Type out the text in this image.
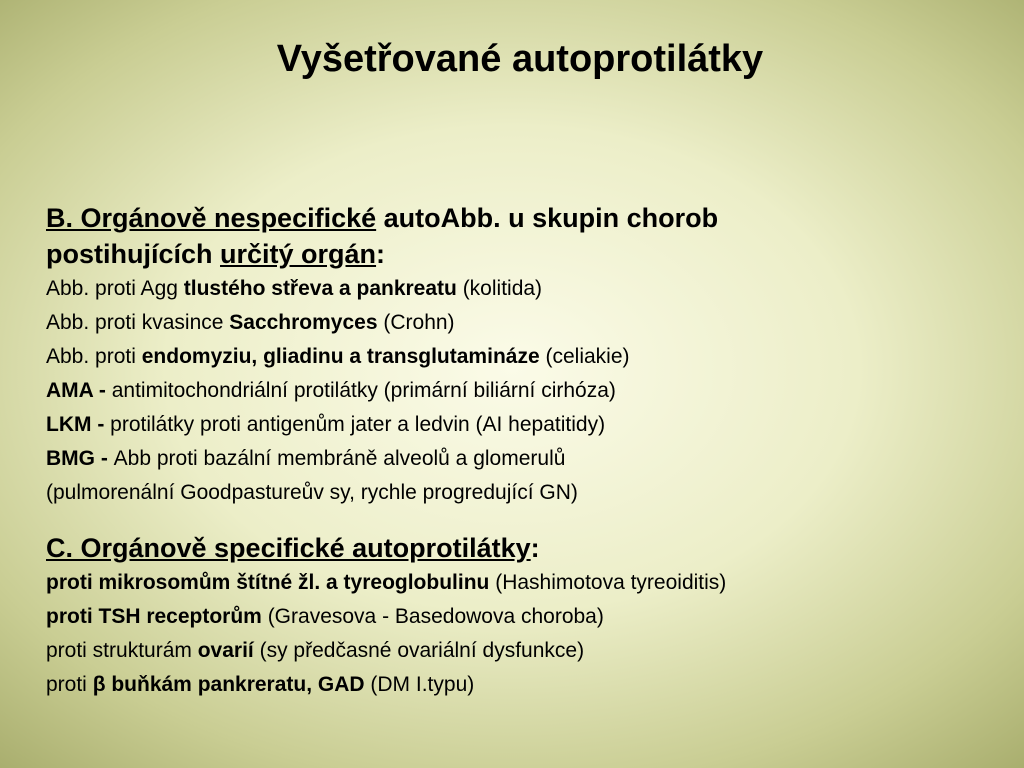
Vyšetřované autoprotilátky

B. Orgánově nespecifické autoAbb. u skupin chorob

postihujících určitý orgán:

Abb. proti Agg tlustého střeva a pankreatu (kolitida)

Abb. proti kvasince Sacchromyces (Crohn)

Abb. proti endomyziu, gliadinu a transglutamináze (celiakie)

AMA - antimitochondriální protilátky (primární biliární cirhóza)

LKM - protilátky proti antigenům jater a ledvin (AI hepatitidy)

BMG - Abb proti bazální membráně alveolů a glomerulů

(pulmorenální Goodpastureův sy, rychle progredující GN)

C. Orgánově specifické autoprotilátky:

proti mikrosomům štítné žl. a tyreoglobulinu (Hashimotova tyreoiditis)

proti TSH receptorům (Gravesova - Basedowova choroba)

proti strukturám ovarií (sy předčasné ovariální dysfunkce)

proti β buňkám pankreratu, GAD (DM I.typu)
